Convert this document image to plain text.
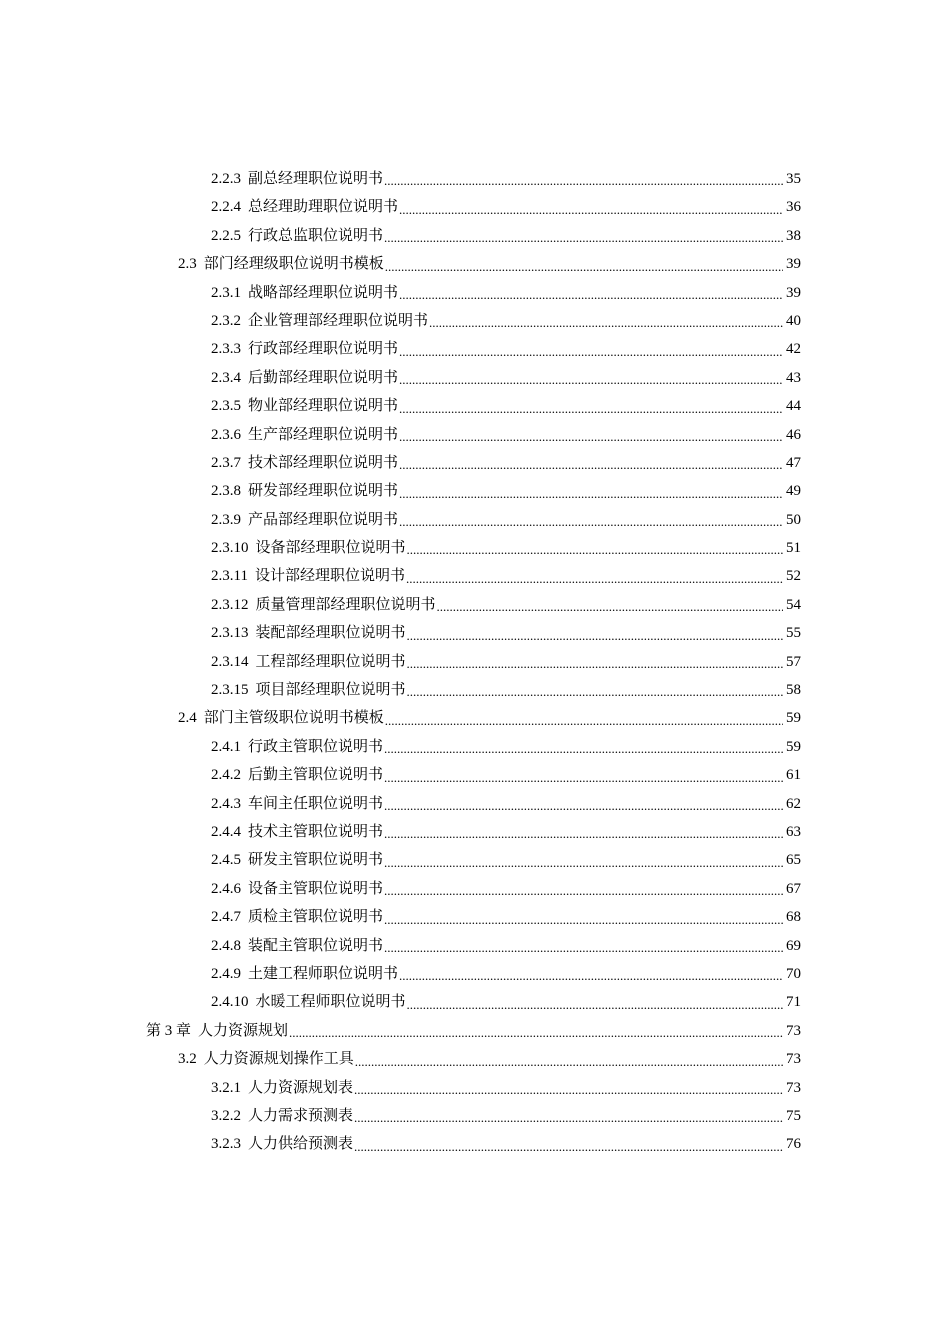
2.2.3 副总经理职位说明书 .....	35
2.2.4 总经理助理职位说明书 .....	36
2.2.5 行政总监职位说明书 .....	38
2.3 部门经理级职位说明书模板 .....	39
2.3.1 战略部经理职位说明书 .....	39
2.3.2 企业管理部经理职位说明书 .....	40
2.3.3 行政部经理职位说明书 .....	42
2.3.4 后勤部经理职位说明书 .....	43
2.3.5 物业部经理职位说明书 .....	44
2.3.6 生产部经理职位说明书 .....	46
2.3.7 技术部经理职位说明书 .....	47
2.3.8 研发部经理职位说明书 .....	49
2.3.9 产品部经理职位说明书 .....	50
2.3.10 设备部经理职位说明书 .....	51
2.3.11 设计部经理职位说明书 .....	52
2.3.12 质量管理部经理职位说明书 .....	54
2.3.13 装配部经理职位说明书 .....	55
2.3.14 工程部经理职位说明书 .....	57
2.3.15 项目部经理职位说明书 .....	58
2.4 部门主管级职位说明书模板 .....	59
2.4.1 行政主管职位说明书 .....	59
2.4.2 后勤主管职位说明书 .....	61
2.4.3 车间主任职位说明书 .....	62
2.4.4 技术主管职位说明书 .....	63
2.4.5 研发主管职位说明书 .....	65
2.4.6 设备主管职位说明书 .....	67
2.4.7 质检主管职位说明书 .....	68
2.4.8 装配主管职位说明书 .....	69
2.4.9 土建工程师职位说明书 .....	70
2.4.10 水暖工程师职位说明书 .....	71
第 3 章 人力资源规划 .....	73
3.2 人力资源规划操作工具 .....	73
3.2.1 人力资源规划表 .....	73
3.2.2 人力需求预测表 .....	75
3.2.3 人力供给预测表 .....	76
